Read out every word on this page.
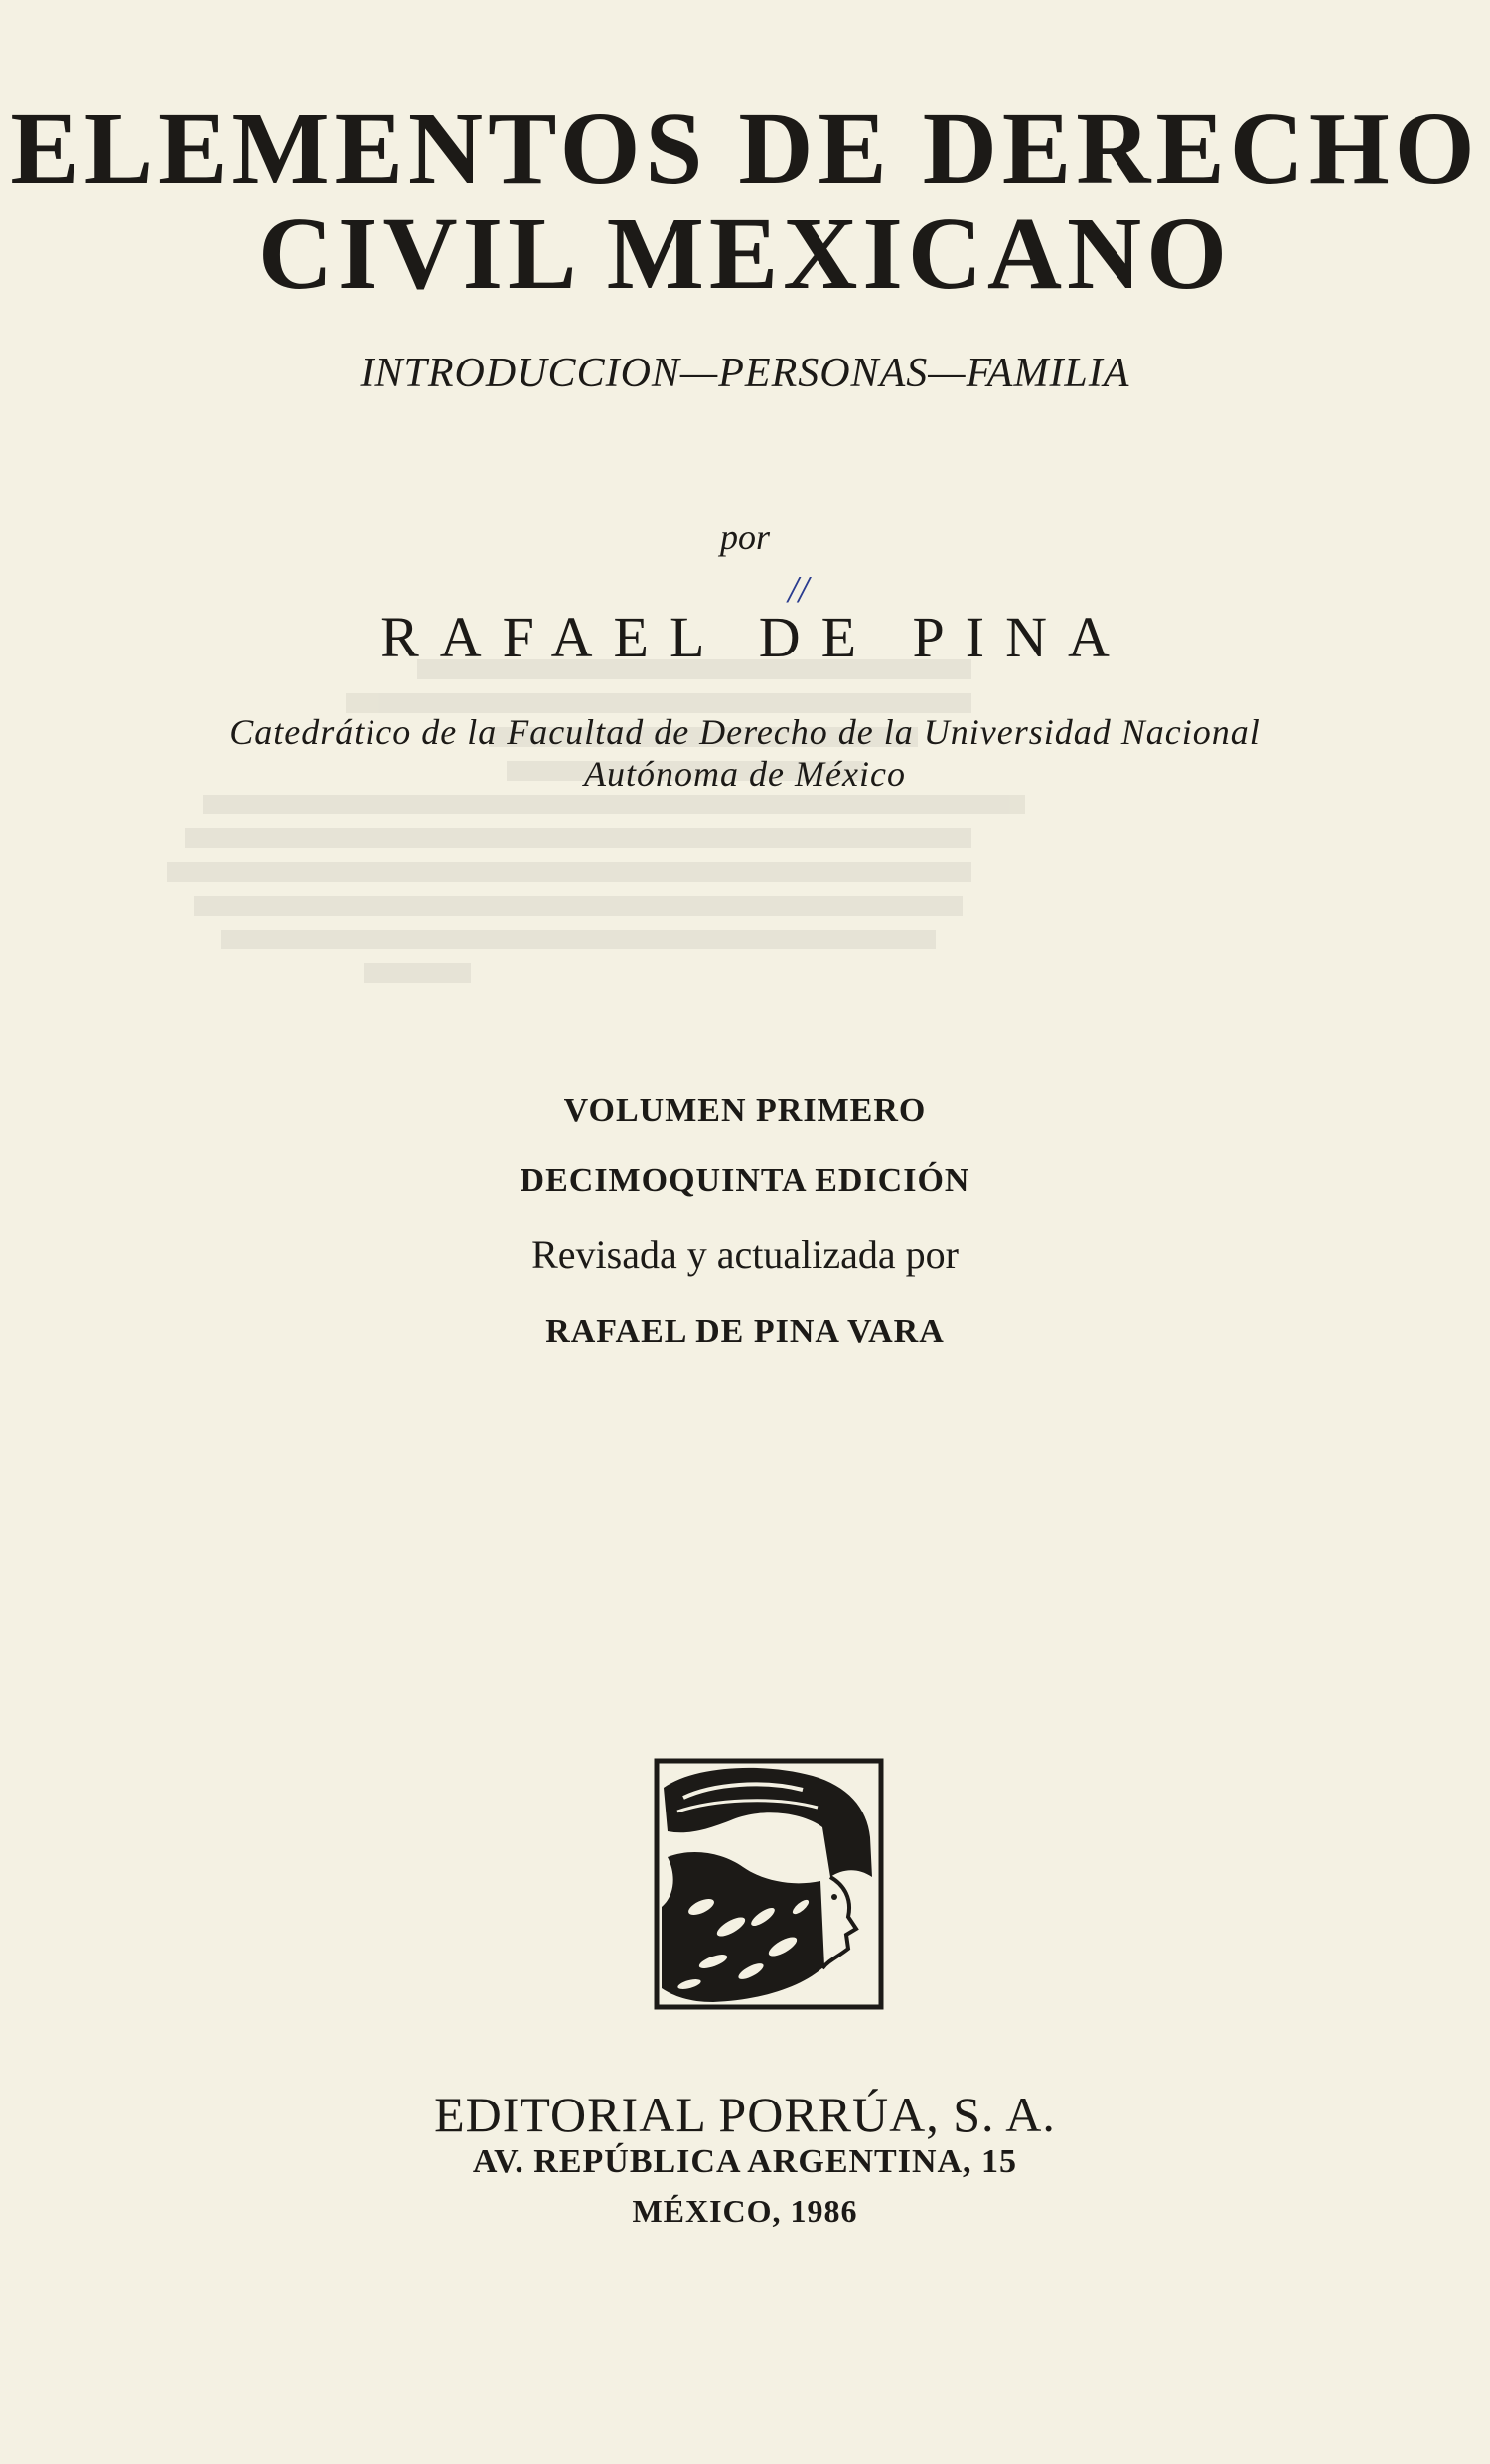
ELEMENTOS DE DERECHO
CIVIL MEXICANO
INTRODUCCION—PERSONAS—FAMILIA
por
//
RAFAEL DE PINA
Catedrático de la Facultad de Derecho de la Universidad Nacional
Autónoma de México
VOLUMEN PRIMERO
DECIMOQUINTA EDICIÓN
Revisada y actualizada por
RAFAEL DE PINA VARA
EDITORIAL PORRÚA, S. A.
AV. REPÚBLICA ARGENTINA, 15
MÉXICO, 1986
